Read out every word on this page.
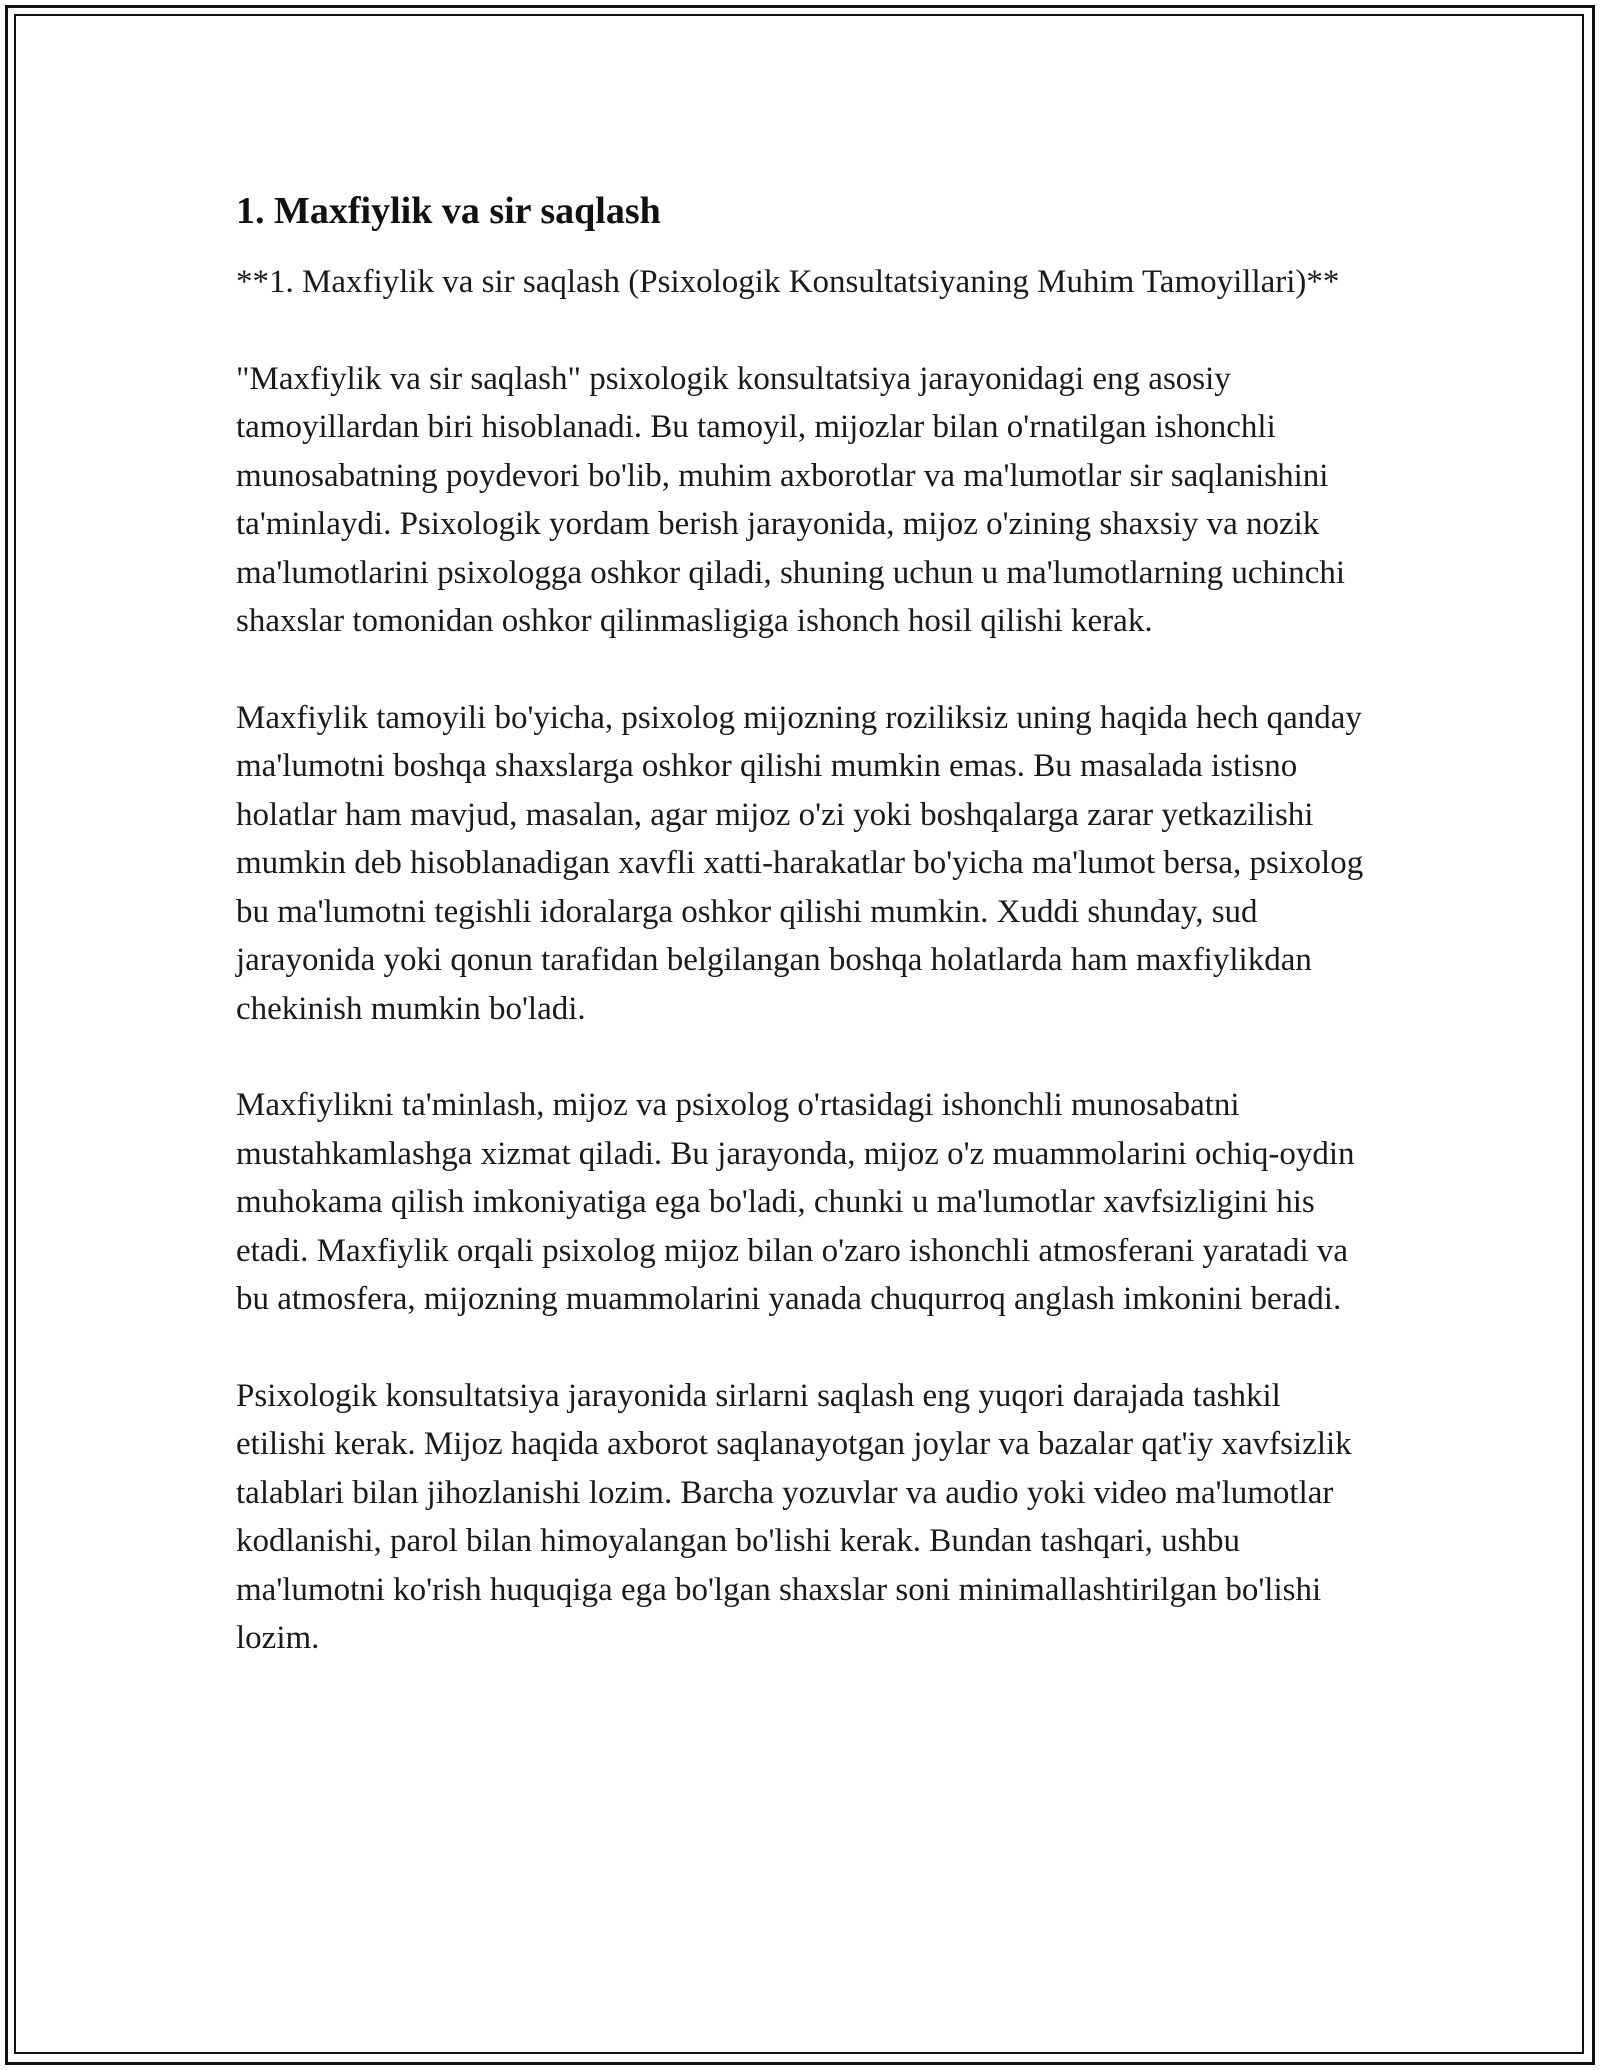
1. Maxfiylik va sir saqlash

**1. Maxfiylik va sir saqlash (Psixologik Konsultatsiyaning Muhim Tamoyillari)**

"Maxfiylik va sir saqlash" psixologik konsultatsiya jarayonidagi eng asosiy tamoyillardan biri hisoblanadi. Bu tamoyil, mijozlar bilan o'rnatilgan ishonchli munosabatning poydevori bo'lib, muhim axborotlar va ma'lumotlar sir saqlanishini ta'minlaydi. Psixologik yordam berish jarayonida, mijoz o'zining shaxsiy va nozik ma'lumotlarini psixologga oshkor qiladi, shuning uchun u ma'lumotlarning uchinchi shaxslar tomonidan oshkor qilinmasligiga ishonch hosil qilishi kerak.

Maxfiylik tamoyili bo'yicha, psixolog mijozning roziliksiz uning haqida hech qanday ma'lumotni boshqa shaxslarga oshkor qilishi mumkin emas. Bu masalada istisno holatlar ham mavjud, masalan, agar mijoz o'zi yoki boshqalarga zarar yetkazilishi mumkin deb hisoblanadigan xavfli xatti-harakatlar bo'yicha ma'lumot bersa, psixolog bu ma'lumotni tegishli idoralarga oshkor qilishi mumkin. Xuddi shunday, sud jarayonida yoki qonun tarafidan belgilangan boshqa holatlarda ham maxfiylikdan chekinish mumkin bo'ladi.

Maxfiylikni ta'minlash, mijoz va psixolog o'rtasidagi ishonchli munosabatni mustahkamlashga xizmat qiladi. Bu jarayonda, mijoz o'z muammolarini ochiq-oydin muhokama qilish imkoniyatiga ega bo'ladi, chunki u ma'lumotlar xavfsizligini his etadi. Maxfiylik orqali psixolog mijoz bilan o'zaro ishonchli atmosferani yaratadi va bu atmosfera, mijozning muammolarini yanada chuqurroq anglash imkonini beradi.

Psixologik konsultatsiya jarayonida sirlarni saqlash eng yuqori darajada tashkil etilishi kerak. Mijoz haqida axborot saqlanayotgan joylar va bazalar qat'iy xavfsizlik talablari bilan jihozlanishi lozim. Barcha yozuvlar va audio yoki video ma'lumotlar kodlanishi, parol bilan himoyalangan bo'lishi kerak. Bundan tashqari, ushbu ma'lumotni ko'rish huquqiga ega bo'lgan shaxslar soni minimallashtirilgan bo'lishi lozim.
